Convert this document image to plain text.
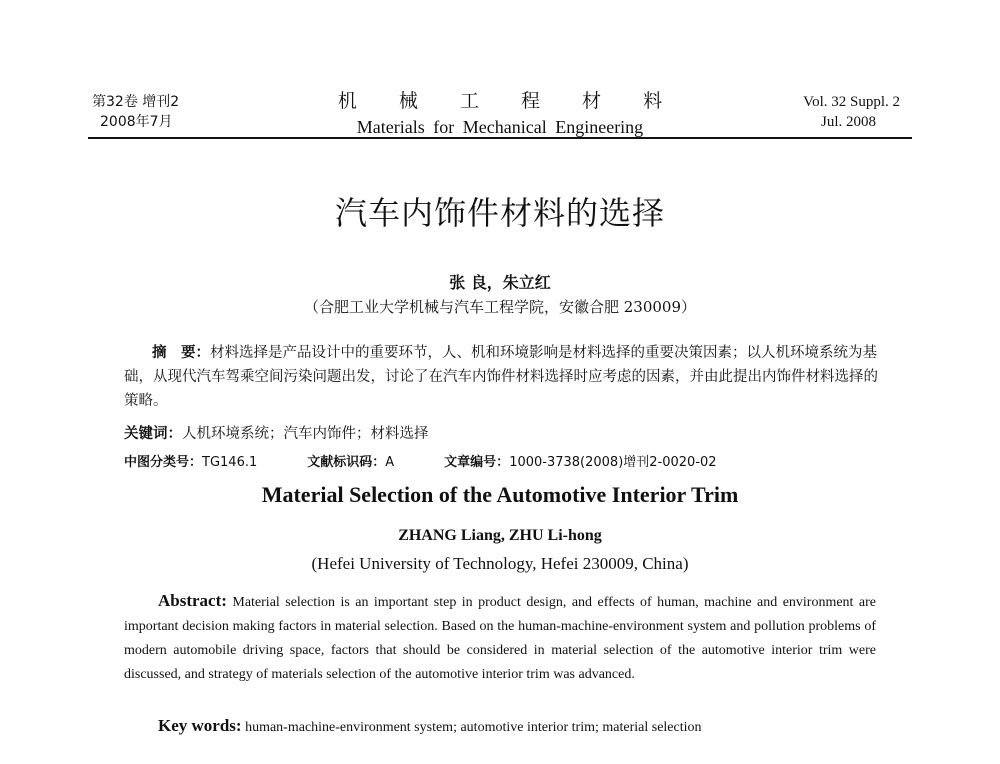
第32卷 增刊2
2008年7月
机 械 工 程 材 料
Materials for Mechanical Engineering
Vol. 32 Suppl. 2
Jul. 2008
汽车内饰件材料的选择
张 良，朱立红
（合肥工业大学机械与汽车工程学院，安徽合肥 230009）
摘　要：材料选择是产品设计中的重要环节，人、机和环境影响是材料选择的重要决策因素；以人机环境系统为基础，从现代汽车驾乘空间污染问题出发，讨论了在汽车内饰件材料选择时应考虑的因素，并由此提出内饰件材料选择的策略。
关键词：人机环境系统；汽车内饰件；材料选择
中图分类号：TG146.1	文献标识码：A	文章编号：1000-3738(2008)增刊2-0020-02
Material Selection of the Automotive Interior Trim
ZHANG Liang, ZHU Li-hong
(Hefei University of Technology, Hefei 230009, China)
Abstract: Material selection is an important step in product design, and effects of human, machine and environment are important decision making factors in material selection. Based on the human-machine-environment system and pollution problems of modern automobile driving space, factors that should be considered in material selection of the automotive interior trim were discussed, and strategy of materials selection of the automotive interior trim was advanced.
Key words: human-machine-environment system; automotive interior trim; material selection
